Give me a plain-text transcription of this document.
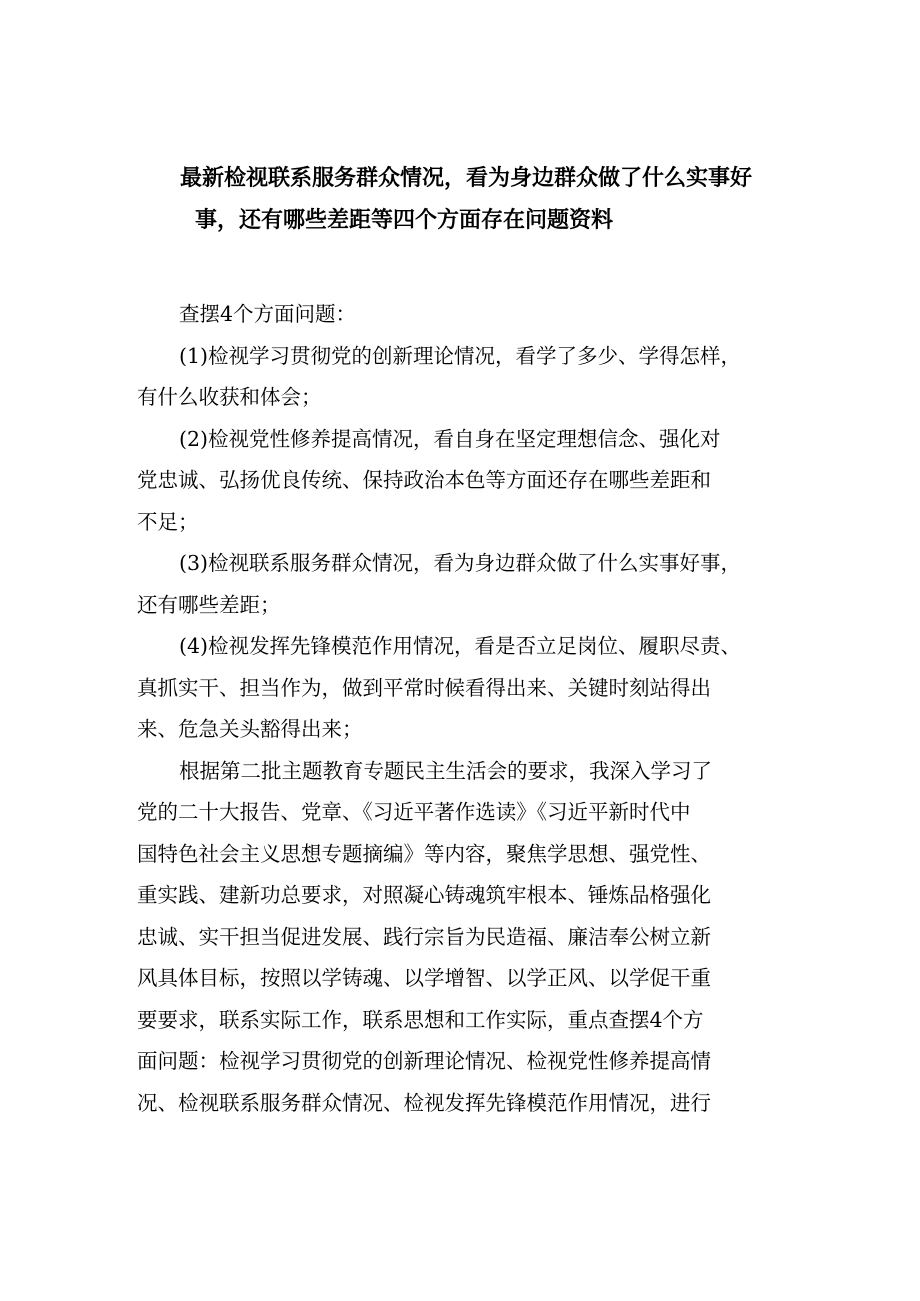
最新检视联系服务群众情况，看为身边群众做了什么实事好
事，还有哪些差距等四个方面存在问题资料

查摆4个方面问题：

(1)检视学习贯彻党的创新理论情况，看学了多少、学得怎样，
有什么收获和体会；

(2)检视党性修养提高情况，看自身在坚定理想信念、强化对
党忠诚、弘扬优良传统、保持政治本色等方面还存在哪些差距和
不足；

(3)检视联系服务群众情况，看为身边群众做了什么实事好事，
还有哪些差距；

(4)检视发挥先锋模范作用情况，看是否立足岗位、履职尽责、
真抓实干、担当作为，做到平常时候看得出来、关键时刻站得出
来、危急关头豁得出来；

根据第二批主题教育专题民主生活会的要求，我深入学习了
党的二十大报告、党章、《习近平著作选读》《习近平新时代中
国特色社会主义思想专题摘编》等内容，聚焦学思想、强党性、
重实践、建新功总要求，对照凝心铸魂筑牢根本、锤炼品格强化
忠诚、实干担当促进发展、践行宗旨为民造福、廉洁奉公树立新
风具体目标，按照以学铸魂、以学增智、以学正风、以学促干重
要要求，联系实际工作，联系思想和工作实际，重点查摆4个方
面问题：检视学习贯彻党的创新理论情况、检视党性修养提高情
况、检视联系服务群众情况、检视发挥先锋模范作用情况，进行
